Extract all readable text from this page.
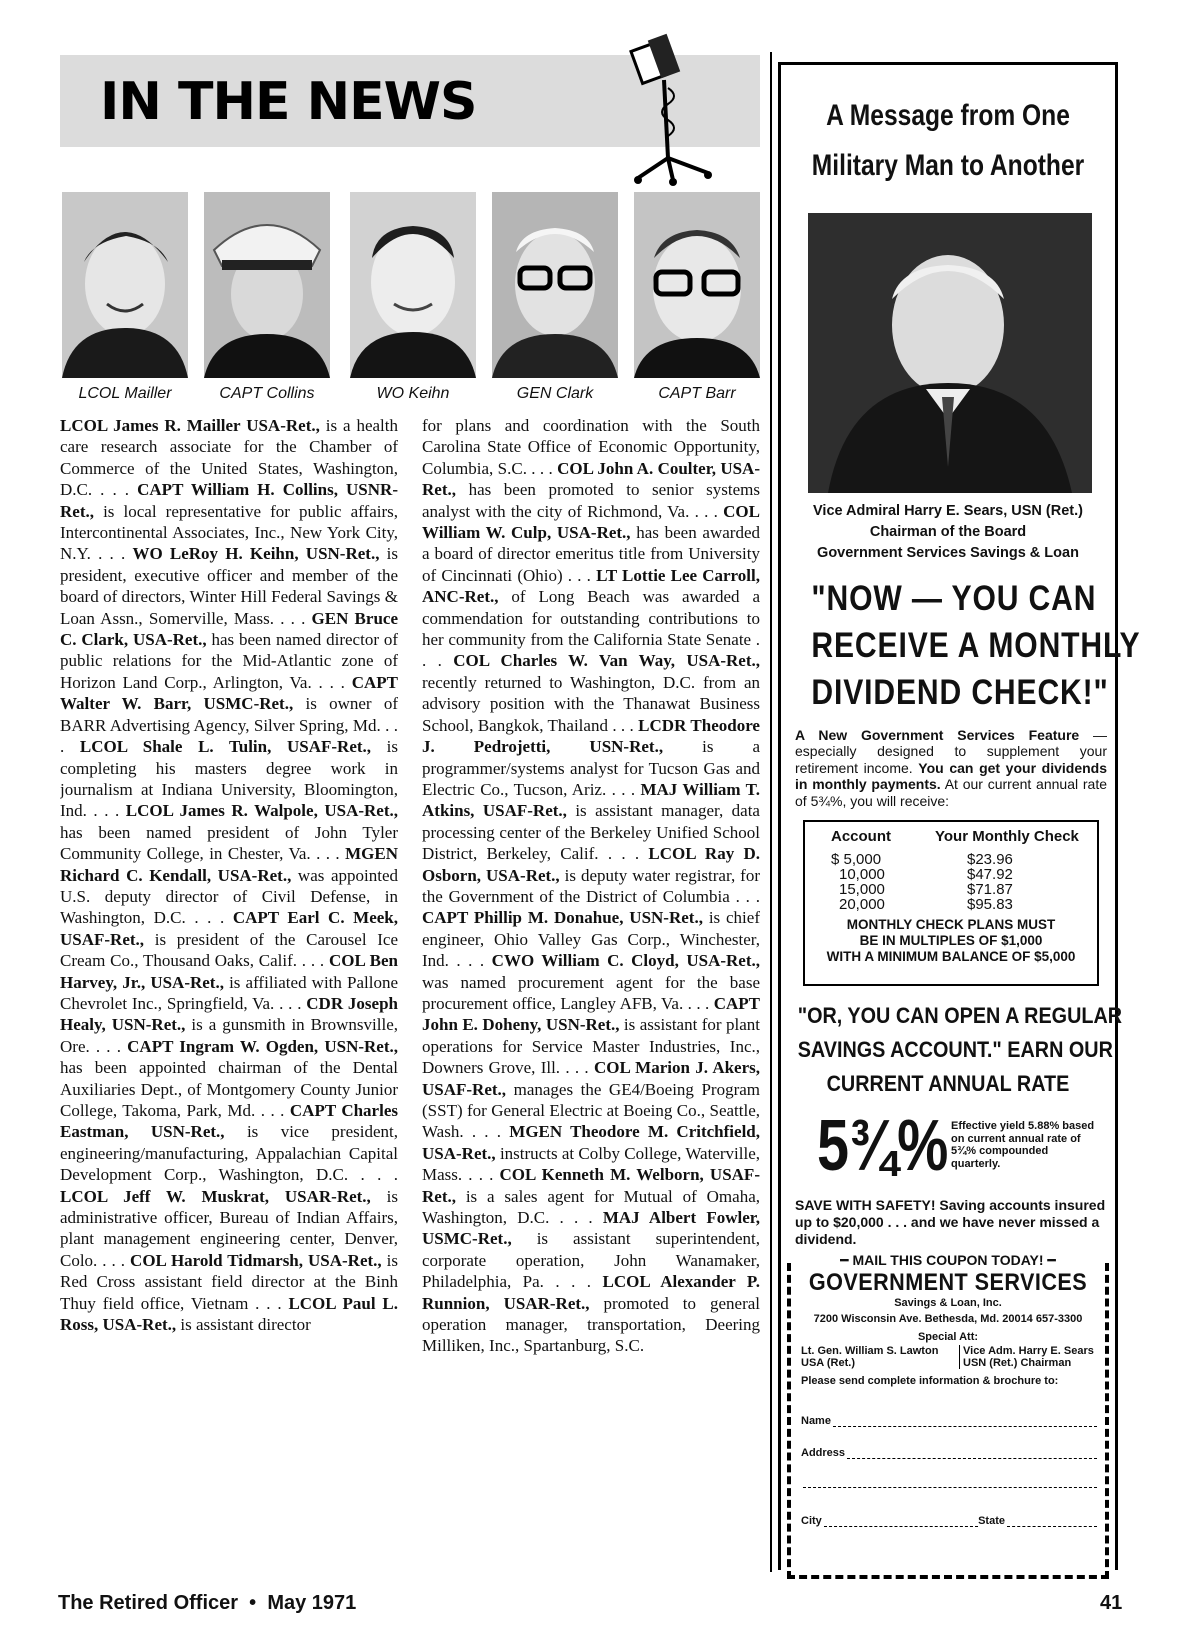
IN THE NEWS
LCOL Mailler	CAPT Collins	WO Keihn	GEN Clark	CAPT Barr
LCOL James R. Mailler USA-Ret., is a health care research associate for the Chamber of Commerce of the United States, Washington, D.C. . . . CAPT William H. Collins, USNR-Ret., is local representative for public affairs, Intercontinental Associates, Inc., New York City, N.Y. . . . WO LeRoy H. Keihn, USN-Ret., is president, executive officer and member of the board of directors, Winter Hill Federal Savings & Loan Assn., Somerville, Mass. . . . GEN Bruce C. Clark, USA-Ret., has been named director of public relations for the Mid-Atlantic zone of Horizon Land Corp., Arlington, Va. . . . CAPT Walter W. Barr, USMC-Ret., is owner of BARR Advertising Agency, Silver Spring, Md. . . . LCOL Shale L. Tulin, USAF-Ret., is completing his masters degree work in journalism at Indiana University, Bloomington, Ind. . . . LCOL James R. Walpole, USA-Ret., has been named president of John Tyler Community College, in Chester, Va. . . . MGEN Richard C. Kendall, USA-Ret., was appointed U.S. deputy director of Civil Defense, in Washington, D.C. . . . CAPT Earl C. Meek, USAF-Ret., is president of the Carousel Ice Cream Co., Thousand Oaks, Calif. . . . COL Ben Harvey, Jr., USA-Ret., is affiliated with Pallone Chevrolet Inc., Springfield, Va. . . . CDR Joseph Healy, USN-Ret., is a gunsmith in Brownsville, Ore. . . . CAPT Ingram W. Ogden, USN-Ret., has been appointed chairman of the Dental Auxiliaries Dept., of Montgomery County Junior College, Takoma, Park, Md. . . . CAPT Charles Eastman, USN-Ret., is vice president, engineering/manufacturing, Appalachian Capital Development Corp., Washington, D.C. . . . LCOL Jeff W. Muskrat, USAR-Ret., is administrative officer, Bureau of Indian Affairs, plant management engineering center, Denver, Colo. . . . COL Harold Tidmarsh, USA-Ret., is Red Cross assistant field director at the Binh Thuy field office, Vietnam . . . LCOL Paul L. Ross, USA-Ret., is assistant director
for plans and coordination with the South Carolina State Office of Economic Opportunity, Columbia, S.C. . . . COL John A. Coulter, USA-Ret., has been promoted to senior systems analyst with the city of Richmond, Va. . . . COL William W. Culp, USA-Ret., has been awarded a board of director emeritus title from University of Cincinnati (Ohio) . . . LT Lottie Lee Carroll, ANC-Ret., of Long Beach was awarded a commendation for outstanding contributions to her community from the California State Senate . . . COL Charles W. Van Way, USA-Ret., recently returned to Washington, D.C. from an advisory position with the Thanawat Business School, Bangkok, Thailand . . . LCDR Theodore J. Pedrojetti, USN-Ret., is a programmer/systems analyst for Tucson Gas and Electric Co., Tucson, Ariz. . . . MAJ William T. Atkins, USAF-Ret., is assistant manager, data processing center of the Berkeley Unified School District, Berkeley, Calif. . . . LCOL Ray D. Osborn, USA-Ret., is deputy water registrar, for the Government of the District of Columbia . . . CAPT Phillip M. Donahue, USN-Ret., is chief engineer, Ohio Valley Gas Corp., Winchester, Ind. . . . CWO William C. Cloyd, USA-Ret., was named procurement agent for the base procurement office, Langley AFB, Va. . . . CAPT John E. Doheny, USN-Ret., is assistant for plant operations for Service Master Industries, Inc., Downers Grove, Ill. . . . COL Marion J. Akers, USAF-Ret., manages the GE4/Boeing Program (SST) for General Electric at Boeing Co., Seattle, Wash. . . . MGEN Theodore M. Critchfield, USA-Ret., instructs at Colby College, Waterville, Mass. . . . COL Kenneth M. Welborn, USAF-Ret., is a sales agent for Mutual of Omaha, Washington, D.C. . . . MAJ Albert Fowler, USMC-Ret., is assistant superintendent, corporate operation, John Wanamaker, Philadelphia, Pa. . . . LCOL Alexander P. Runnion, USAR-Ret., promoted to general operation manager, transportation, Deering Milliken, Inc., Spartanburg, S.C.
The Retired Officer • May 1971	41
A Message from One
Military Man to Another
Vice Admiral Harry E. Sears, USN (Ret.)
Chairman of the Board
Government Services Savings & Loan
"NOW — YOU CAN
RECEIVE A MONTHLY
DIVIDEND CHECK!"
A New Government Services Feature — especially designed to supplement your retirement income. You can get your dividends in monthly payments. At our current annual rate of 5¾%, you will receive:
Account	Your Monthly Check
$ 5,000	$23.96
10,000	$47.92
15,000	$71.87
20,000	$95.83
MONTHLY CHECK PLANS MUST
BE IN MULTIPLES OF $1,000
WITH A MINIMUM BALANCE OF $5,000
"OR, YOU CAN OPEN A REGULAR
SAVINGS ACCOUNT." EARN OUR
CURRENT ANNUAL RATE
5¾% Effective yield 5.88% based on current annual rate of 5¾% compounded quarterly.
SAVE WITH SAFETY! Saving accounts insured up to $20,000 . . . and we have never missed a dividend.
━ MAIL THIS COUPON TODAY! ━
GOVERNMENT SERVICES
Savings & Loan, Inc.
7200 Wisconsin Ave. Bethesda, Md. 20014 657-3300
Special Att:
Lt. Gen. William S. Lawton
USA (Ret.)
Vice Adm. Harry E. Sears
USN (Ret.) Chairman
Please send complete information & brochure to:
Name
Address
City	State
